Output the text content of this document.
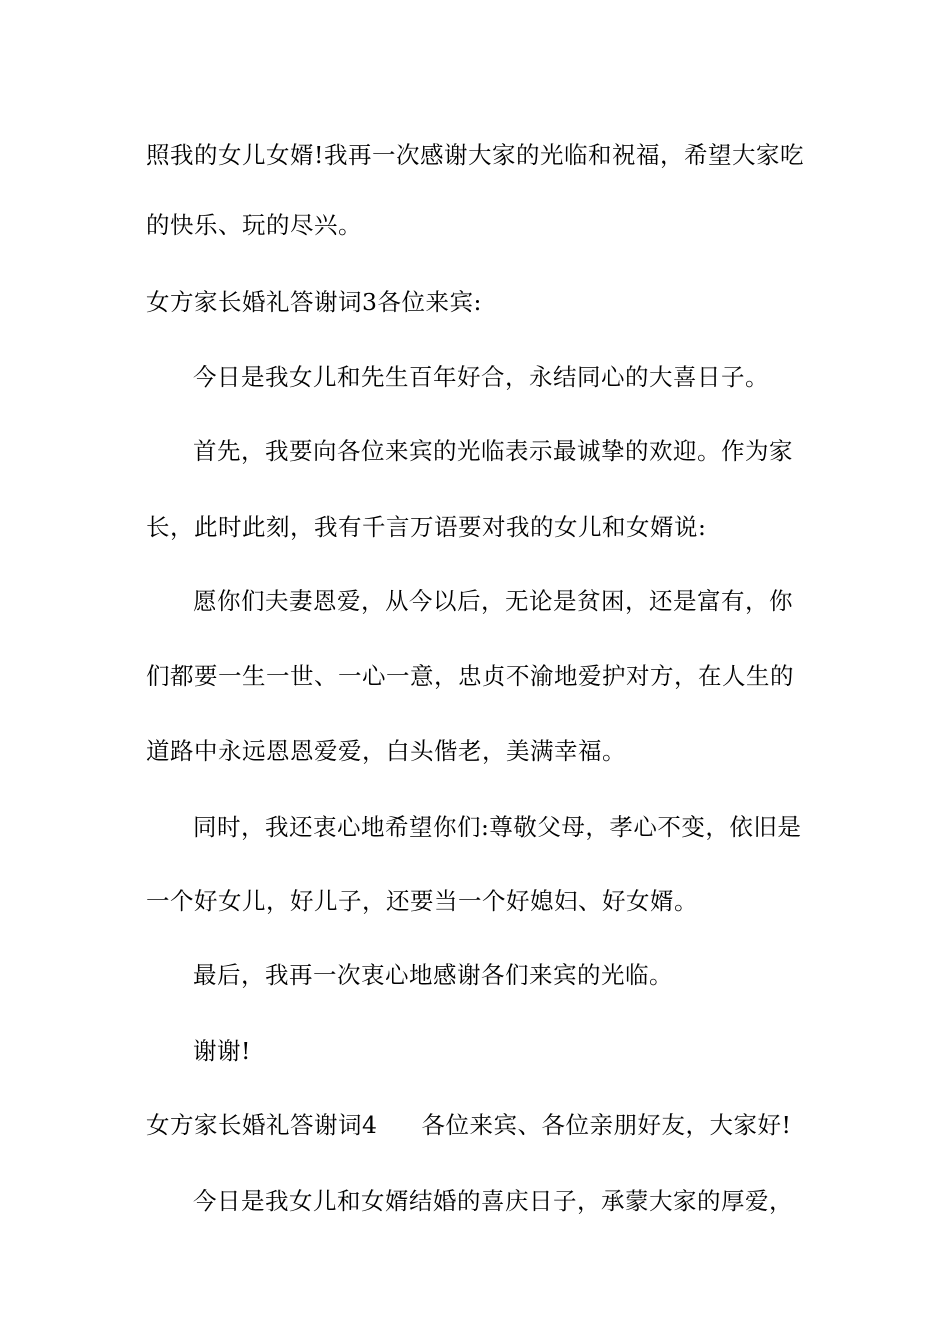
照我的女儿女婿!我再一次感谢大家的光临和祝福，希望大家吃
的快乐、玩的尽兴。
女方家长婚礼答谢词3各位来宾:
今日是我女儿和先生百年好合，永结同心的大喜日子。
首先，我要向各位来宾的光临表示最诚挚的欢迎。作为家
长，此时此刻，我有千言万语要对我的女儿和女婿说:
愿你们夫妻恩爱，从今以后，无论是贫困，还是富有，你
们都要一生一世、一心一意，忠贞不渝地爱护对方，在人生的
道路中永远恩恩爱爱，白头偕老，美满幸福。
同时，我还衷心地希望你们:尊敬父母，孝心不变，依旧是
一个好女儿，好儿子，还要当一个好媳妇、好女婿。
最后，我再一次衷心地感谢各们来宾的光临。
谢谢!
女方家长婚礼答谢词4 各位来宾、各位亲朋好友，大家好!
今日是我女儿和女婿结婚的喜庆日子，承蒙大家的厚爱，
